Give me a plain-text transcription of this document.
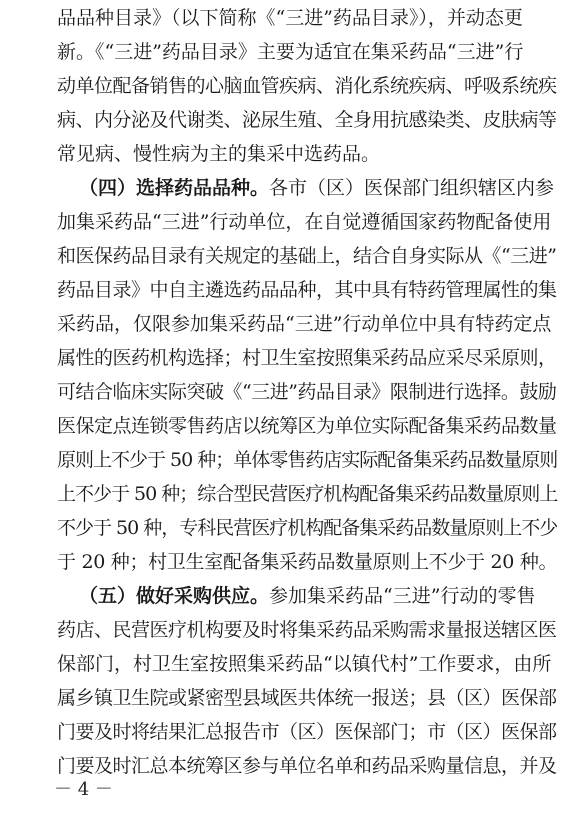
品品种目录》（以下简称《“三进”药品目录》），并动态更
新。《“三进”药品目录》主要为适宜在集采药品“三进”行
动单位配备销售的心脑血管疾病、消化系统疾病、呼吸系统疾
病、内分泌及代谢类、泌尿生殖、全身用抗感染类、皮肤病等
常见病、慢性病为主的集采中选药品。
（四）选择药品品种。各市（区）医保部门组织辖区内参
加集采药品“三进”行动单位，在自觉遵循国家药物配备使用
和医保药品目录有关规定的基础上，结合自身实际从《“三进”
药品目录》中自主遴选药品品种，其中具有特药管理属性的集
采药品，仅限参加集采药品“三进”行动单位中具有特药定点
属性的医药机构选择；村卫生室按照集采药品应采尽采原则，
可结合临床实际突破《“三进”药品目录》限制进行选择。鼓励
医保定点连锁零售药店以统筹区为单位实际配备集采药品数量
原则上不少于 50 种；单体零售药店实际配备集采药品数量原则
上不少于 50 种；综合型民营医疗机构配备集采药品数量原则上
不少于 50 种，专科民营医疗机构配备集采药品数量原则上不少
于 20 种；村卫生室配备集采药品数量原则上不少于 20 种。
（五）做好采购供应。参加集采药品“三进”行动的零售
药店、民营医疗机构要及时将集采药品采购需求量报送辖区医
保部门，村卫生室按照集采药品“以镇代村”工作要求，由所
属乡镇卫生院或紧密型县域医共体统一报送；县（区）医保部
门要及时将结果汇总报告市（区）医保部门；市（区）医保部
门要及时汇总本统筹区参与单位名单和药品采购量信息，并及
－ 4 －
